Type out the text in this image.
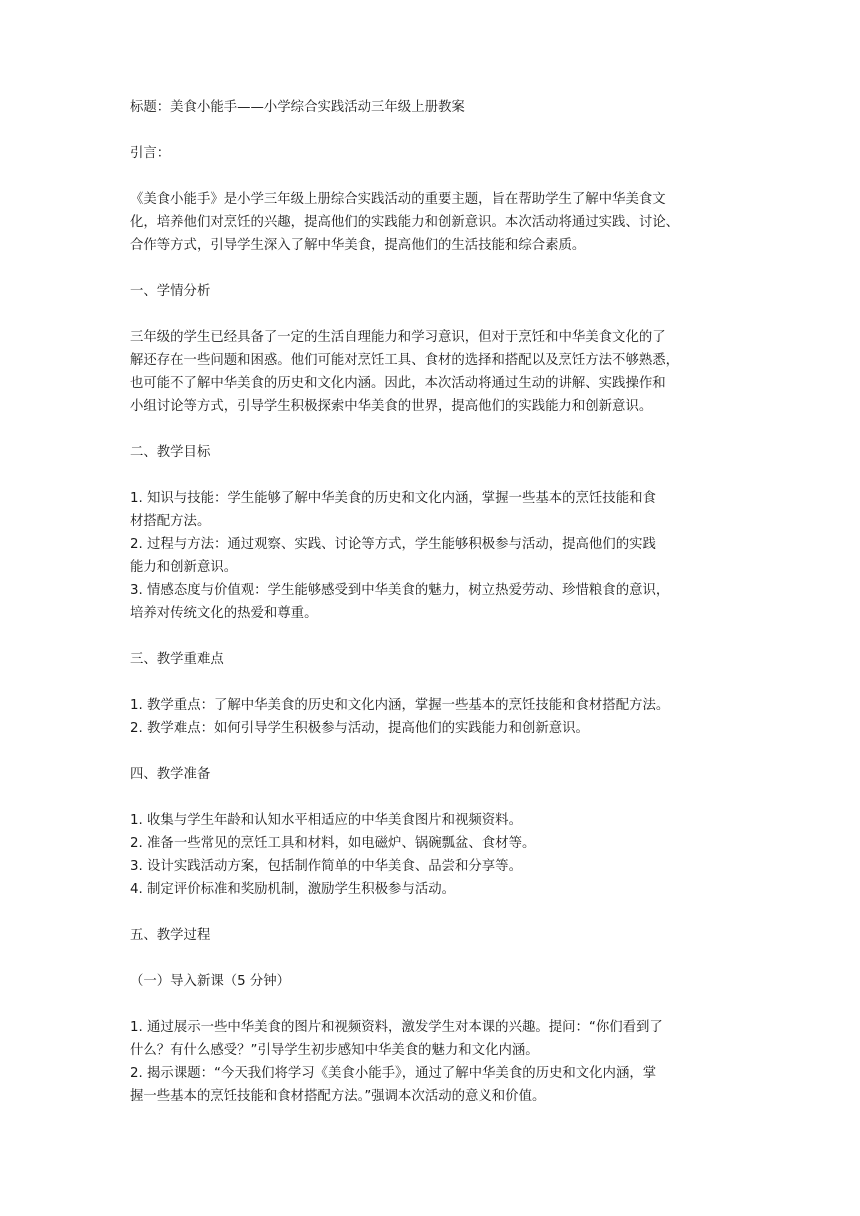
标题：美食小能手——小学综合实践活动三年级上册教案

引言：

《美食小能手》是小学三年级上册综合实践活动的重要主题，旨在帮助学生了解中华美食文
化，培养他们对烹饪的兴趣，提高他们的实践能力和创新意识。本次活动将通过实践、讨论、
合作等方式，引导学生深入了解中华美食，提高他们的生活技能和综合素质。

一、学情分析

三年级的学生已经具备了一定的生活自理能力和学习意识，但对于烹饪和中华美食文化的了
解还存在一些问题和困惑。他们可能对烹饪工具、食材的选择和搭配以及烹饪方法不够熟悉，
也可能不了解中华美食的历史和文化内涵。因此，本次活动将通过生动的讲解、实践操作和
小组讨论等方式，引导学生积极探索中华美食的世界，提高他们的实践能力和创新意识。

二、教学目标

1. 知识与技能：学生能够了解中华美食的历史和文化内涵，掌握一些基本的烹饪技能和食
材搭配方法。
2. 过程与方法：通过观察、实践、讨论等方式，学生能够积极参与活动，提高他们的实践
能力和创新意识。
3. 情感态度与价值观：学生能够感受到中华美食的魅力，树立热爱劳动、珍惜粮食的意识，
培养对传统文化的热爱和尊重。

三、教学重难点

1. 教学重点：了解中华美食的历史和文化内涵，掌握一些基本的烹饪技能和食材搭配方法。
2. 教学难点：如何引导学生积极参与活动，提高他们的实践能力和创新意识。

四、教学准备

1. 收集与学生年龄和认知水平相适应的中华美食图片和视频资料。
2. 准备一些常见的烹饪工具和材料，如电磁炉、锅碗瓢盆、食材等。
3. 设计实践活动方案，包括制作简单的中华美食、品尝和分享等。
4. 制定评价标准和奖励机制，激励学生积极参与活动。

五、教学过程

（一）导入新课（5 分钟）

1. 通过展示一些中华美食的图片和视频资料，激发学生对本课的兴趣。提问：“你们看到了
什么？有什么感受？”引导学生初步感知中华美食的魅力和文化内涵。
2. 揭示课题：“今天我们将学习《美食小能手》，通过了解中华美食的历史和文化内涵，掌
握一些基本的烹饪技能和食材搭配方法。”强调本次活动的意义和价值。
